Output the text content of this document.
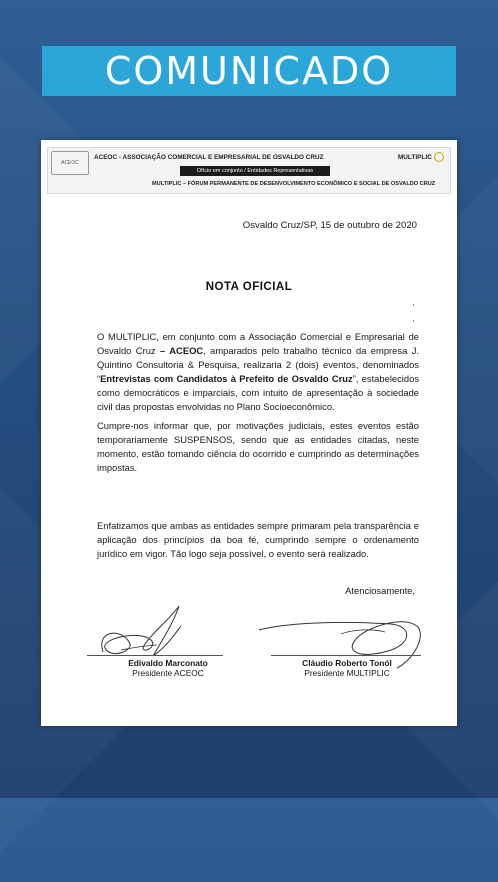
COMUNICADO
ACEOC
ACEOC - ASSOCIAÇÃO COMERCIAL E EMPRESARIAL DE OSVALDO CRUZ
Ofício em conjunto / Entidades Representativas
MULTIPLIC – FÓRUM PERMANENTE DE DESENVOLVIMENTO ECONÔMICO E SOCIAL DE OSVALDO CRUZ
MULTIPLIC
Osvaldo Cruz/SP, 15 de outubro de 2020
NOTA OFICIAL
O MULTIPLIC, em conjunto com a Associação Comercial e Empresarial de Osvaldo Cruz – ACEOC, amparados pelo trabalho técnico da empresa J. Quintino Consultoria & Pesquisa, realizaria 2 (dois) eventos, denominados “Entrevistas com Candidatos à Prefeito de Osvaldo Cruz”, estabelecidos como democráticos e imparciais, com intuito de apresentação à sociedade civil das propostas envolvidas no Plano Socioeconômico.
Cumpre-nos informar que, por motivações judiciais, estes eventos estão temporariamente SUSPENSOS, sendo que as entidades citadas, neste momento, estão tomando ciência do ocorrido e cumprindo as determinações impostas.
Enfatizamos que ambas as entidades sempre primaram pela transparência e aplicação dos princípios da boa fé, cumprindo sempre o ordenamento jurídico em vigor. Tão logo seja possível, o evento será realizado.
Atenciosamente,
Edivaldo Marconato
Presidente ACEOC
Cláudio Roberto Tonól
Presidente MULTIPLIC
